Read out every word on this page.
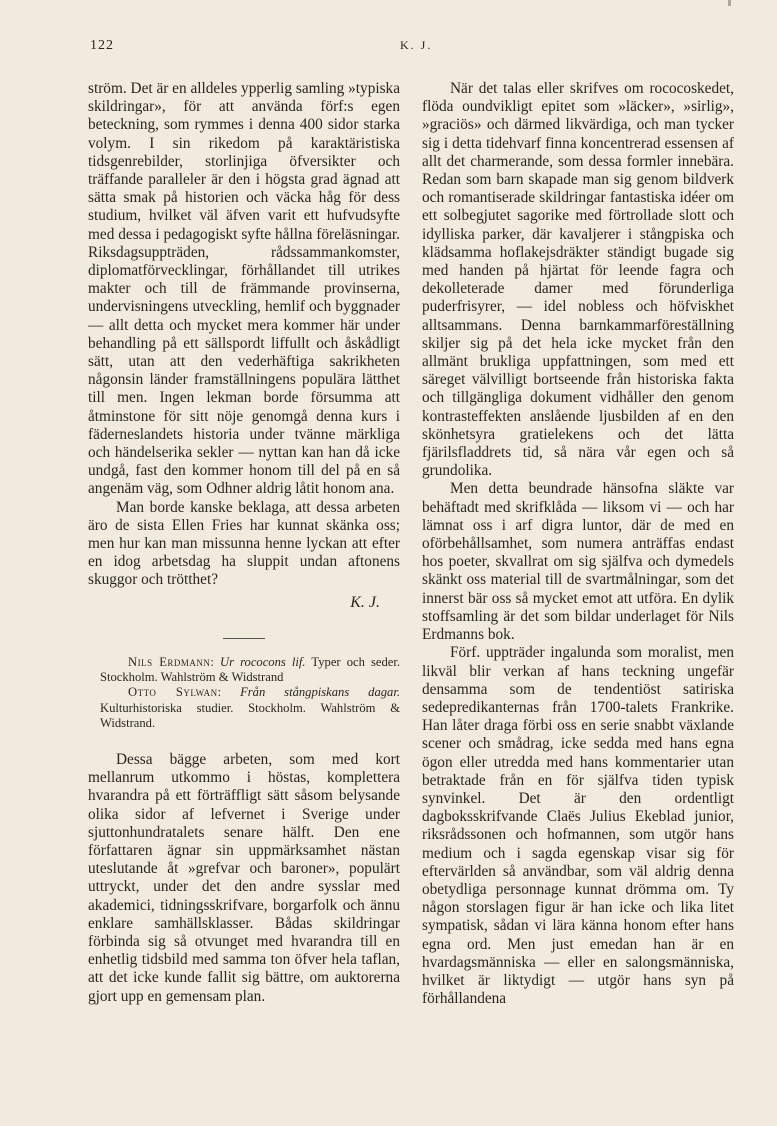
122	K. J.

ström. Det är en alldeles ypperlig samling »typiska skildringar», för att använda förf:s egen beteckning, som rymmes i denna 400 sidor starka volym. I sin rikedom på karaktäristiska tidsgenrebilder, storlinjiga öfversikter och träffande paralleler är den i högsta grad ägnad att sätta smak på historien och väcka håg för dess studium, hvilket väl äfven varit ett hufvudsyfte med dessa i pedagogiskt syfte hållna föreläsningar. Riksdagsuppträden, rådssammankomster, diplomatförvecklingar, förhållandet till utrikes makter och till de främmande provinserna, undervisningens utveckling, hemlif och byggnader — allt detta och mycket mera kommer här under behandling på ett sällspordt liffullt och åskådligt sätt, utan att den vederhäftiga sakrikheten någonsin länder framställningens populära lätthet till men. Ingen lekman borde försumma att åtminstone för sitt nöje genomgå denna kurs i fäderneslandets historia under tvänne märkliga och händelserika sekler — nyttan kan han då icke undgå, fast den kommer honom till del på en så angenäm väg, som Odhner aldrig låtit honom ana.

Man borde kanske beklaga, att dessa arbeten äro de sista Ellen Fries har kunnat skänka oss; men hur kan man missunna henne lyckan att efter en idog arbetsdag ha sluppit undan aftonens skuggor och trötthet?

K. J.

Nils Erdmann: Ur rococons lif. Typer och seder. Stockholm. Wahlström & Widstrand

Otto Sylwan: Från stångpiskans dagar. Kulturhistoriska studier. Stockholm. Wahlström & Widstrand.

Dessa bägge arbeten, som med kort mellanrum utkommo i höstas, komplettera hvarandra på ett förträffligt sätt såsom belysande olika sidor af lefvernet i Sverige under sjuttonhundratalets senare hälft. Den ene författaren ägnar sin uppmärksamhet nästan uteslutande åt »grefvar och baroner», populärt uttryckt, under det den andre sysslar med akademici, tidningsskrifvare, borgarfolk och ännu enklare samhällsklasser. Bådas skildringar förbinda sig så otvunget med hvarandra till en enhetlig tidsbild med samma ton öfver hela taflan, att det icke kunde fallit sig bättre, om auktorerna gjort upp en gemensam plan.

När det talas eller skrifves om rococoskedet, flöda oundvikligt epitet som »läcker», »sirlig», »graciös» och därmed likvärdiga, och man tycker sig i detta tidehvarf finna koncentrerad essensen af allt det charmerande, som dessa formler innebära. Redan som barn skapade man sig genom bildverk och romantiserade skildringar fantastiska idéer om ett solbegjutet sagorike med förtrollade slott och idylliska parker, där kavaljerer i stångpiska och klädsamma hoflakejsdräkter ständigt bugade sig med handen på hjärtat för leende fagra och dekolleterade damer med förunderliga puderfrisyrer, — idel nobless och höfviskhet alltsammans. Denna barnkammarföreställning skiljer sig på det hela icke mycket från den allmänt brukliga uppfattningen, som med ett säreget välvilligt bortseende från historiska fakta och tillgängliga dokument vidhåller den genom kontrasteffekten anslående ljusbilden af en den skönhetsyra gratielekens och det lätta fjärilsfladdrets tid, så nära vår egen och så grundolika.

Men detta beundrade hänsofna släkte var behäftadt med skrifklåda — liksom vi — och har lämnat oss i arf digra luntor, där de med en oförbehållsamhet, som numera anträffas endast hos poeter, skvallrat om sig själfva och dymedels skänkt oss material till de svartmålningar, som det innerst bär oss så mycket emot att utföra. En dylik stoffsamling är det som bildar underlaget för Nils Erdmanns bok.

Förf. uppträder ingalunda som moralist, men likväl blir verkan af hans teckning ungefär densamma som de tendentiöst satiriska sedepredikanternas från 1700-talets Frankrike. Han låter draga förbi oss en serie snabbt växlande scener och smådrag, icke sedda med hans egna ögon eller utredda med hans kommentarier utan betraktade från en för själfva tiden typisk synvinkel. Det är den ordentligt dagboksskrifvande Claës Julius Ekeblad junior, riksrådssonen och hofmannen, som utgör hans medium och i sagda egenskap visar sig för eftervärlden så användbar, som väl aldrig denna obetydliga personnage kunnat drömma om. Ty någon storslagen figur är han icke och lika litet sympatisk, sådan vi lära känna honom efter hans egna ord. Men just emedan han är en hvardagsmänniska — eller en salongsmänniska, hvilket är liktydigt — utgör hans syn på förhållandena
